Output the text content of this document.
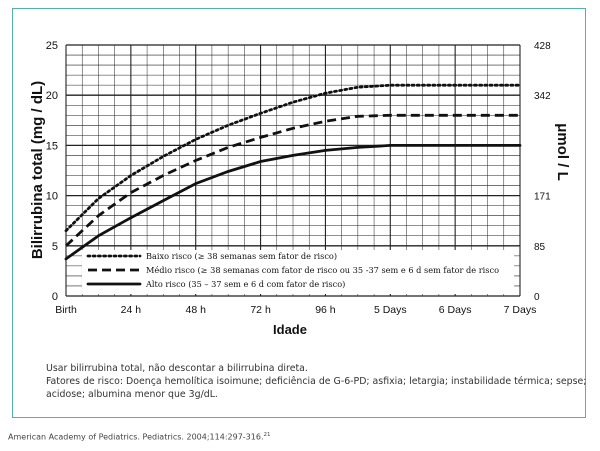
Baixo risco (≥ 38 semanas sem fator de risco)
Médio risco (≥ 38 semanas com fator de risco ou 35 -37 sem e 6 d sem fator de risco
Alto risco (35 – 37 sem e 6 d com fator de risco)
0
5
10
15
20
25	428
342
171
85
0
Birth	24 h	48 h	72 h	96 h	5 Days	6 Days	7 Days
Bilirrubina total (mg / dL)	μmol / L
Idade
Usar bilirrubina total, não descontar a bilirrubina direta.
Fatores de risco: Doença hemolítica isoimune; deficiência de G-6-PD; asfixia; letargia; instabilidade térmica; sepse;
acidose; albumina menor que 3g/dL.
American Academy of Pediatrics. Pediatrics. 2004;114:297-316.21
